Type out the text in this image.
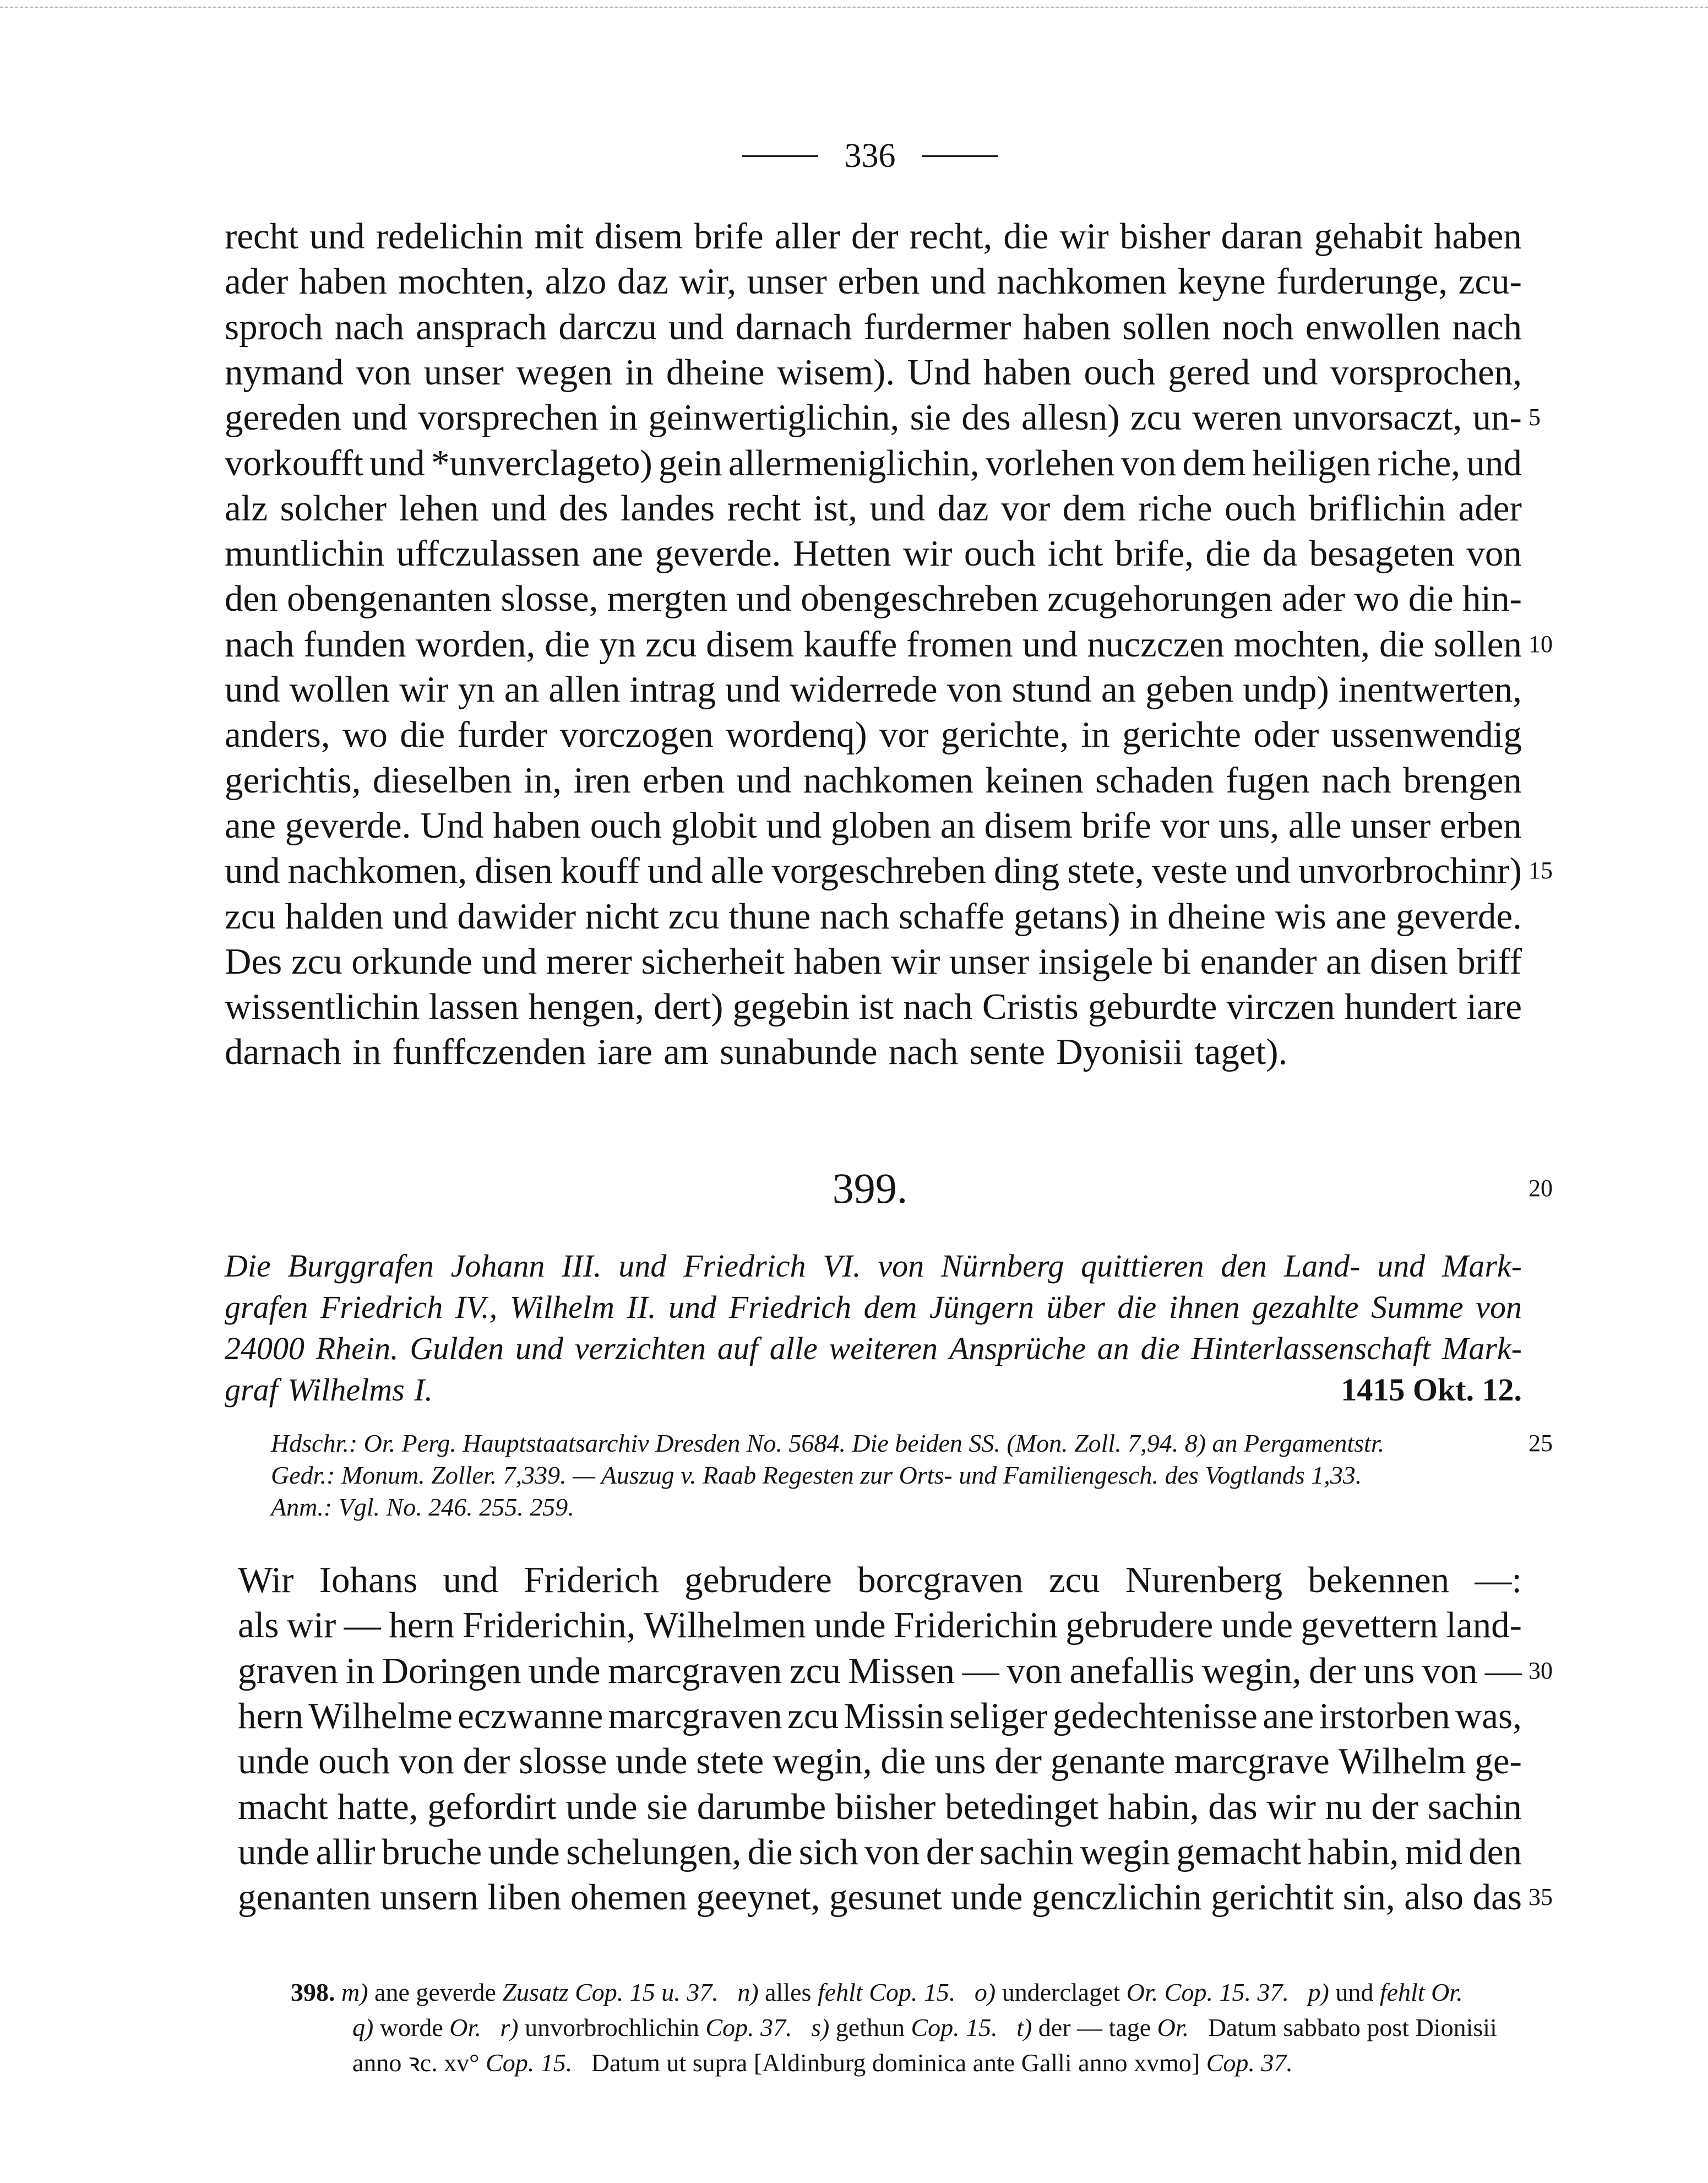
336
recht und redelichin mit disem brife aller der recht, die wir bisher daran gehabit haben
ader haben mochten, alzo daz wir, unser erben und nachkomen keyne furderunge, zcu-
sproch nach ansprach darczu und darnach furdermer haben sollen noch enwollen nach
nymand von unser wegen in dheine wisem). Und haben ouch gered und vorsprochen,
gereden und vorsprechen in geinwertiglichin, sie des allesn) zcu weren unvorsaczt, un-
vorkoufft und *unverclageto) gein allermeniglichin, vorlehen von dem heiligen riche, und
alz solcher lehen und des landes recht ist, und daz vor dem riche ouch briflichin ader
muntlichin uffczulassen ane geverde. Hetten wir ouch icht brife, die da besageten von
den obengenanten slosse, mergten und obengeschreben zcugehorungen ader wo die hin-
nach funden worden, die yn zcu disem kauffe fromen und nuczczen mochten, die sollen
und wollen wir yn an allen intrag und widerrede von stund an geben undp) inentwerten,
anders, wo die furder vorczogen wordenq) vor gerichte, in gerichte oder ussenwendig
gerichtis, dieselben in, iren erben und nachkomen keinen schaden fugen nach brengen
ane geverde. Und haben ouch globit und globen an disem brife vor uns, alle unser erben
und nachkomen, disen kouff und alle vorgeschreben ding stete, veste und unvorbrochinr)
zcu halden und dawider nicht zcu thune nach schaffe getans) in dheine wis ane geverde.
Des zcu orkunde und merer sicherheit haben wir unser insigele bi enander an disen briff
wissentlichin lassen hengen, dert) gegebin ist nach Cristis geburdte virczen hundert iare
darnach in funffczenden iare am sunabunde nach sente Dyonisii taget).
5
10
15
399.	20
Die Burggrafen Johann III. und Friedrich VI. von Nürnberg quittieren den Land- und Mark-
grafen Friedrich IV., Wilhelm II. und Friedrich dem Jüngern über die ihnen gezahlte Summe von
24000 Rhein. Gulden und verzichten auf alle weiteren Ansprüche an die Hinterlassenschaft Mark-
graf Wilhelms I.	1415 Okt. 12.
Hdschr.: Or. Perg. Hauptstaatsarchiv Dresden No. 5684. Die beiden SS. (Mon. Zoll. 7,94. 8) an Pergamentstr.
Gedr.: Monum. Zoller. 7,339. — Auszug v. Raab Regesten zur Orts- und Familiengesch. des Vogtlands 1,33.
Anm.: Vgl. No. 246. 255. 259.
25
Wir Iohans und Friderich gebrudere borcgraven zcu Nurenberg bekennen —:
als wir — hern Friderichin, Wilhelmen unde Friderichin gebrudere unde gevettern land-
graven in Doringen unde marcgraven zcu Missen — von anefallis wegin, der uns von —
hern Wilhelme eczwanne marcgraven zcu Missin seliger gedechtenisse ane irstorben was,
unde ouch von der slosse unde stete wegin, die uns der genante marcgrave Wilhelm ge-
macht hatte, gefordirt unde sie darumbe biisher betedinget habin, das wir nu der sachin
unde allir bruche unde schelungen, die sich von der sachin wegin gemacht habin, mid den
genanten unsern liben ohemen geeynet, gesunet unde genczlichin gerichtit sin, also das
30
35
398. m) ane geverde Zusatz Cop. 15 u. 37.   n) alles fehlt Cop. 15.   o) underclaget Or. Cop. 15. 37.   p) und fehlt Or.
q) worde Or.   r) unvorbrochlichin Cop. 37.   s) gethun Cop. 15.   t) der — tage Or.   Datum sabbato post Dionisii
anno ꝛc. xv° Cop. 15.   Datum ut supra [Aldinburg dominica ante Galli anno xvmo] Cop. 37.
